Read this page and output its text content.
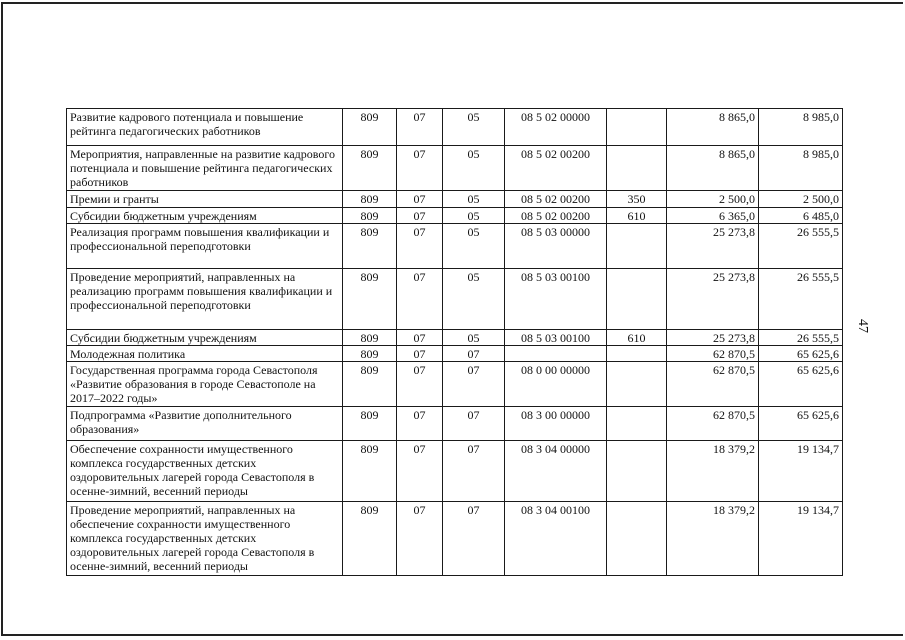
Развитие кадрового потенциала и повышение рейтинга педагогических работников	809	07	05	08 5 02 00000		8 865,0	8 985,0
Мероприятия, направленные на развитие кадрового потенциала и повышение рейтинга педагогических работников	809	07	05	08 5 02 00200		8 865,0	8 985,0
Премии и гранты	809	07	05	08 5 02 00200	350	2 500,0	2 500,0
Субсидии бюджетным учреждениям	809	07	05	08 5 02 00200	610	6 365,0	6 485,0
Реализация программ повышения квалификации и профессиональной переподготовки	809	07	05	08 5 03 00000		25 273,8	26 555,5
Проведение мероприятий, направленных на реализацию программ повышения квалификации и профессиональной переподготовки	809	07	05	08 5 03 00100		25 273,8	26 555,5
Субсидии бюджетным учреждениям	809	07	05	08 5 03 00100	610	25 273,8	26 555,5
Молодежная политика	809	07	07			62 870,5	65 625,6
Государственная программа города Севастополя «Развитие образования в городе Севастополе на 2017–2022 годы»	809	07	07	08 0 00 00000		62 870,5	65 625,6
Подпрограмма «Развитие дополнительного образования»	809	07	07	08 3 00 00000		62 870,5	65 625,6
Обеспечение сохранности имущественного комплекса государственных детских оздоровительных лагерей города Севастополя в осенне-зимний, весенний периоды	809	07	07	08 3 04 00000		18 379,2	19 134,7
Проведение мероприятий, направленных на обеспечение сохранности имущественного комплекса государственных детских оздоровительных лагерей города Севастополя в осенне-зимний, весенний периоды	809	07	07	08 3 04 00100		18 379,2	19 134,7
47
